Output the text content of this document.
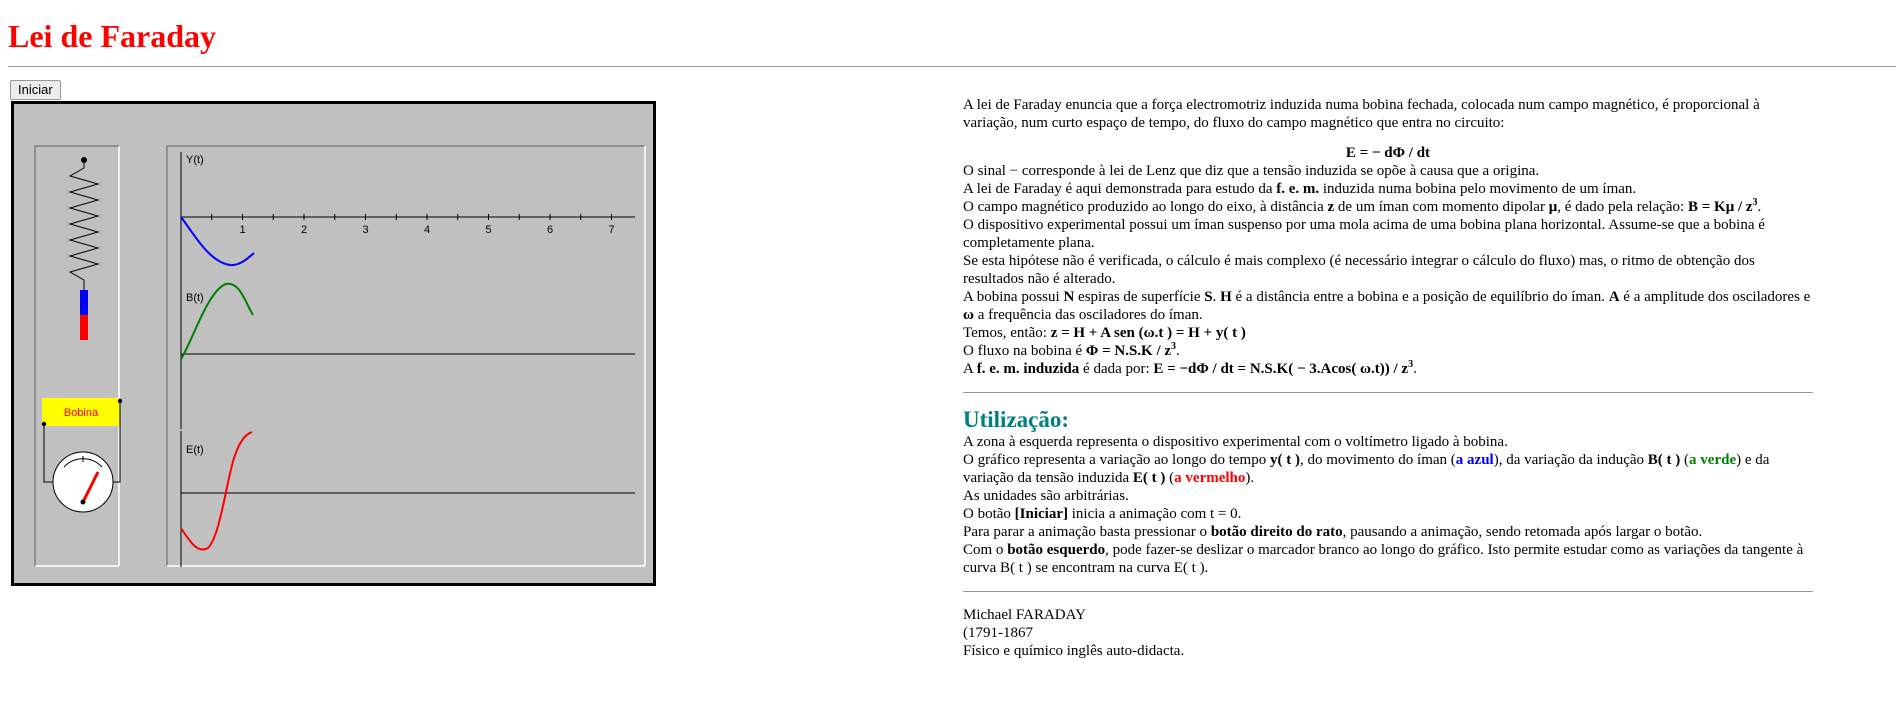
Lei de Faraday
Iniciar
Bobina
Y(t)
1	2	3	4	5	6	7
B(t)
E(t)

A lei de Faraday enuncia que a força electromotriz induzida numa bobina fechada, colocada num campo magnético, é proporcional à variação, num curto espaço de tempo, do fluxo do campo magnético que entra no circuito:

E = − dΦ / dt

O sinal − corresponde à lei de Lenz que diz que a tensão induzida se opõe à causa que a origina.

A lei de Faraday é aqui demonstrada para estudo da f. e. m. induzida numa bobina pelo movimento de um íman.

O campo magnético produzido ao longo do eixo, à distância z de um íman com momento dipolar μ, é dado pela relação: $B = K\mu / z^3$.

O dispositivo experimental possui um íman suspenso por uma mola acima de uma bobina plana horizontal. Assume-se que a bobina é completamente plana.

Se esta hipótese não é verificada, o cálculo é mais complexo (é necessário integrar o cálculo do fluxo) mas, o ritmo de obtenção dos resultados não é alterado.

A bobina possui N espiras de superfície S. H é a distância entre a bobina e a posição de equilíbrio do íman. A é a amplitude dos osciladores e ω a frequência das osciladores do íman.

Temos, então: z = H + A sen (ω.t ) = H + y( t )

O fluxo na bobina é $\Phi = N.S.K / z^3$.

A f. e. m. induzida é dada por: E = −dΦ / dt = N.S.K( − 3.Acos( $\omega.t)) / z^3$.

Utilização:

A zona à esquerda representa o dispositivo experimental com o voltímetro ligado à bobina.

O gráfico representa a variação ao longo do tempo y( t ), do movimento do íman (a azul), da variação da indução B( t ) (a verde) e da variação da tensão induzida E( t ) (a vermelho).

As unidades são arbitrárias.

O botão [Iniciar] inicia a animação com t = 0.

Para parar a animação basta pressionar o botão direito do rato, pausando a animação, sendo retomada após largar o botão.

Com o botão esquerdo, pode fazer-se deslizar o marcador branco ao longo do gráfico. Isto permite estudar como as variações da tangente à curva B( t ) se encontram na curva E( t ).

Michael FARADAY

(1791-1867

Físico e químico inglês auto-didacta.
